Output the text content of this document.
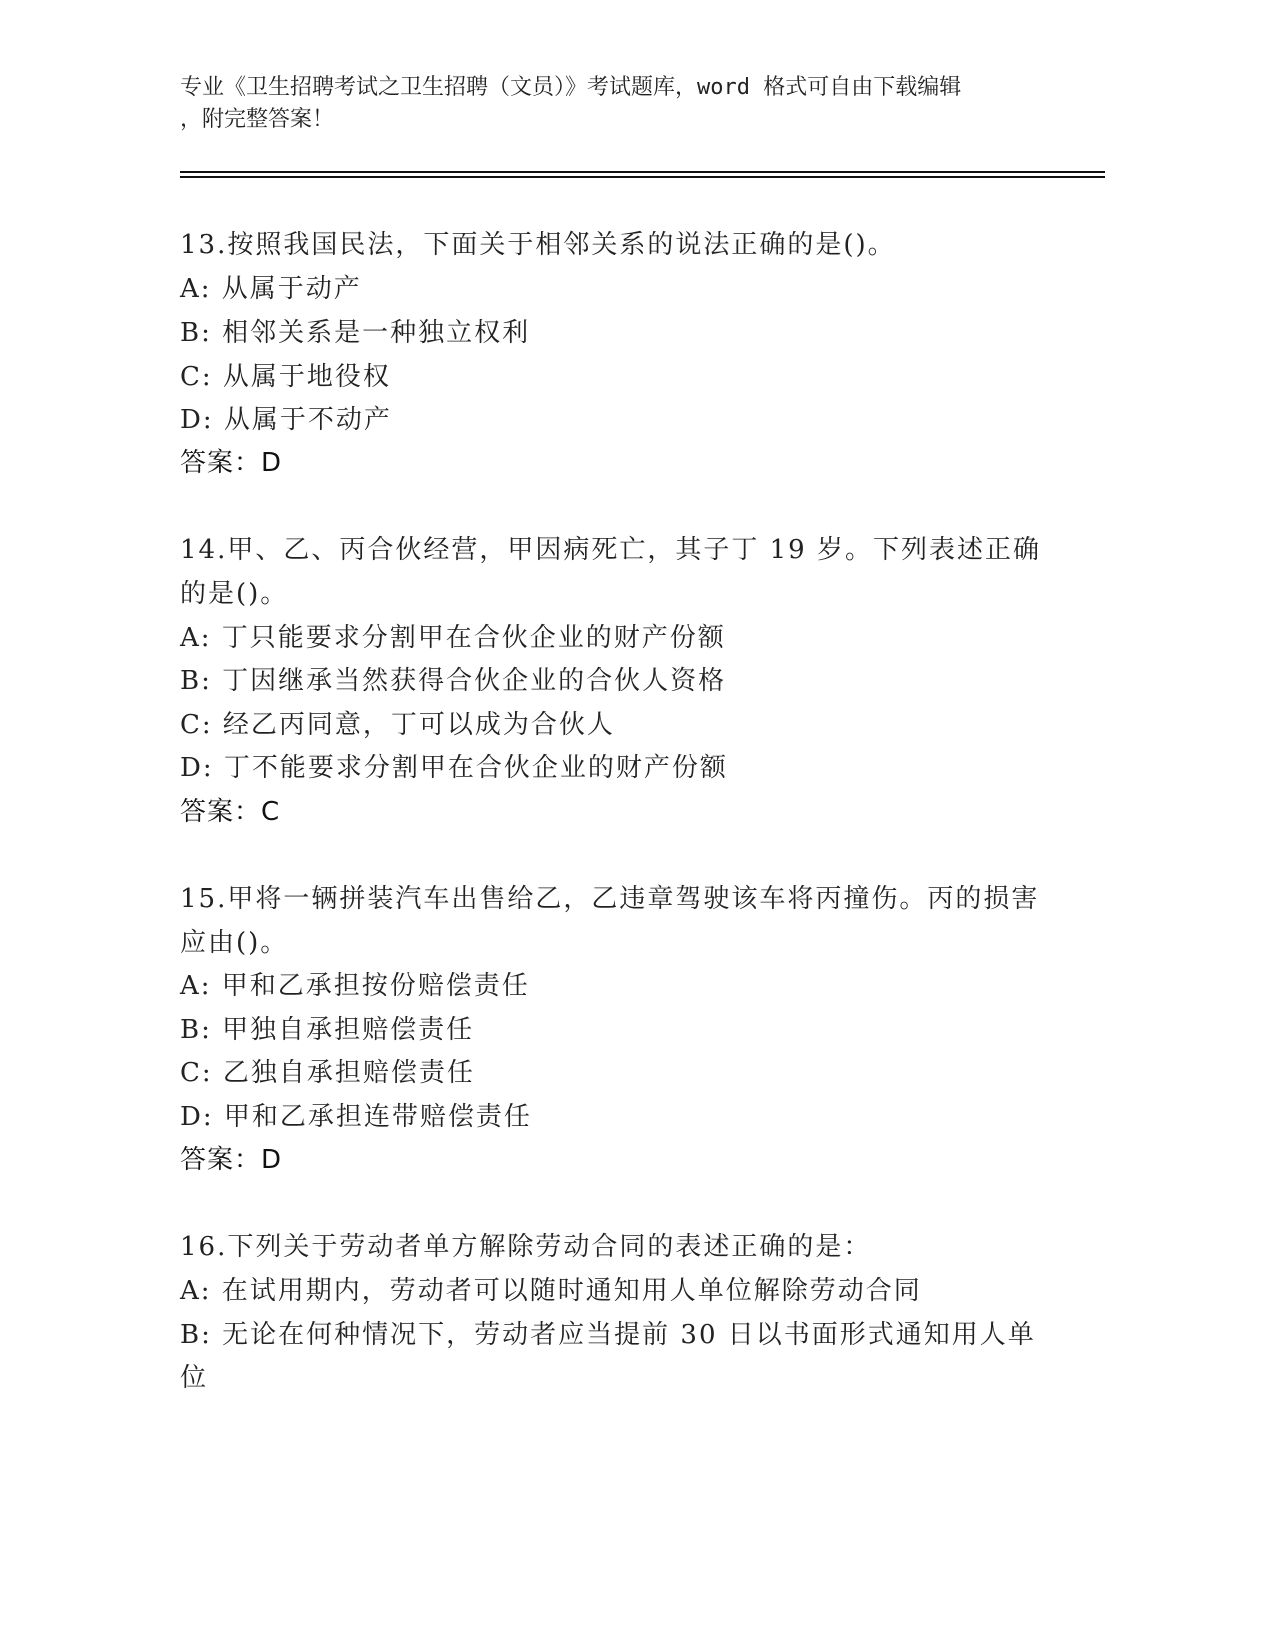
专业《卫生招聘考试之卫生招聘（文员）》考试题库，word 格式可自由下载编辑
，附完整答案！
13.按照我国民法，下面关于相邻关系的说法正确的是()。
A: 从属于动产
B: 相邻关系是一种独立权利
C: 从属于地役权
D: 从属于不动产
答案：D
14.甲、乙、丙合伙经营，甲因病死亡，其子丁 19 岁。下列表述正确
的是()。
A: 丁只能要求分割甲在合伙企业的财产份额
B: 丁因继承当然获得合伙企业的合伙人资格
C: 经乙丙同意，丁可以成为合伙人
D: 丁不能要求分割甲在合伙企业的财产份额
答案：C
15.甲将一辆拼装汽车出售给乙，乙违章驾驶该车将丙撞伤。丙的损害
应由()。
A: 甲和乙承担按份赔偿责任
B: 甲独自承担赔偿责任
C: 乙独自承担赔偿责任
D: 甲和乙承担连带赔偿责任
答案：D
16.下列关于劳动者单方解除劳动合同的表述正确的是：
A: 在试用期内，劳动者可以随时通知用人单位解除劳动合同
B: 无论在何种情况下，劳动者应当提前 30 日以书面形式通知用人单
位
